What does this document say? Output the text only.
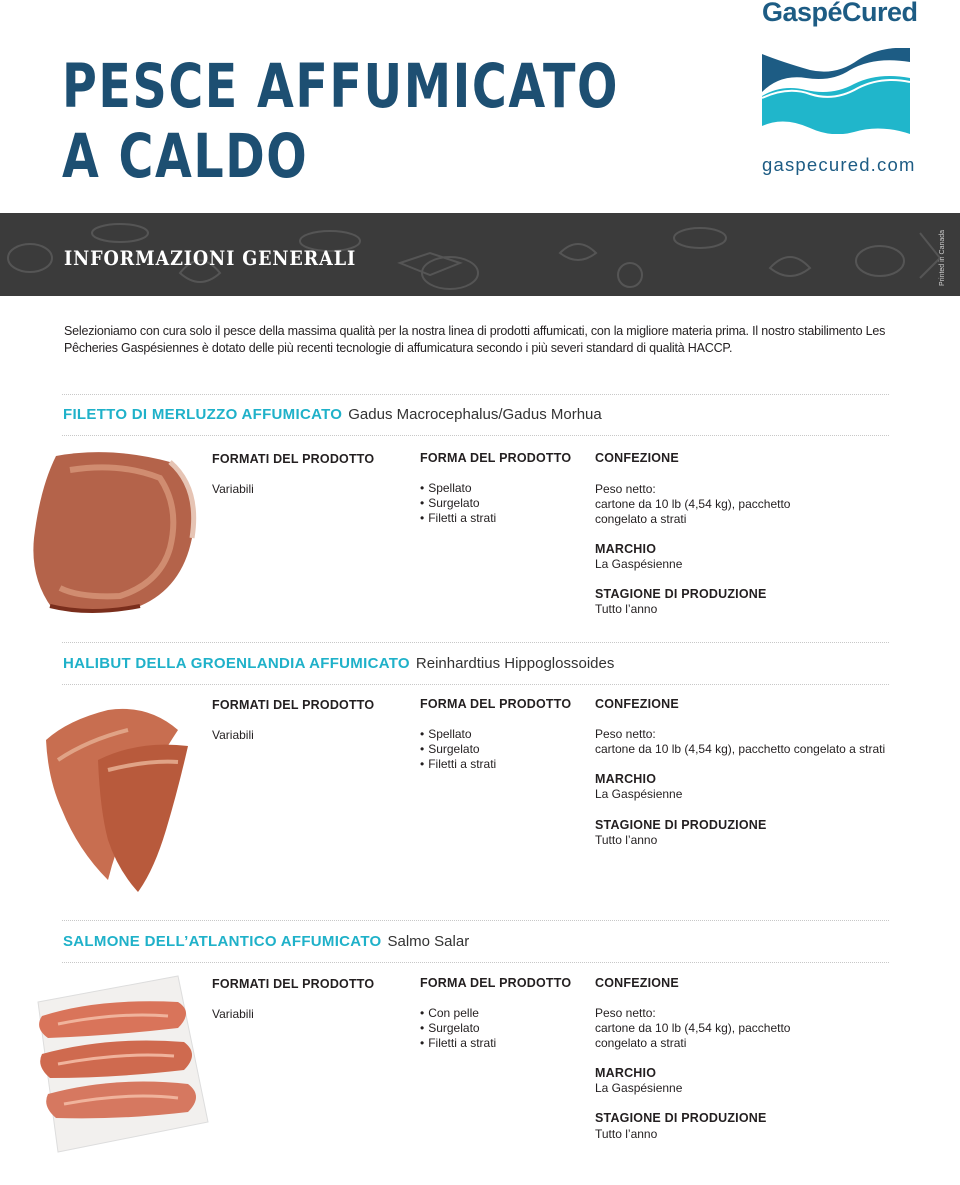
PESCE AFFUMICATO
A CALDO
GaspéCured
gaspecured.com
INFORMAZIONI GENERALI	Printed in Canada

Selezioniamo con cura solo il pesce della massima qualità per la nostra linea di prodotti affumicati, con la migliore materia prima. Il nostro stabilimento Les Pêcheries Gaspésiennes è dotato delle più recenti tecnologie di affumicatura secondo i più severi standard di qualità HACCP.

FILETTO DI MERLUZZO AFFUMICATO Gadus Macrocephalus/Gadus Morhua
FORMATI DEL PRODOTTO
Variabili
FORMA DEL PRODOTTO
• Spellato
• Surgelato
• Filetti a strati
CONFEZIONE
Peso netto:
cartone da 10 lb (4,54 kg), pacchetto
congelato a strati
MARCHIO
La Gaspésienne
STAGIONE DI PRODUZIONE
Tutto l’anno
HALIBUT DELLA GROENLANDIA AFFUMICATO Reinhardtius Hippoglossoides
FORMATI DEL PRODOTTO
Variabili
FORMA DEL PRODOTTO
• Spellato
• Surgelato
• Filetti a strati
CONFEZIONE
Peso netto:
cartone da 10 lb (4,54 kg), pacchetto congelato a strati
MARCHIO
La Gaspésienne
STAGIONE DI PRODUZIONE
Tutto l’anno
SALMONE DELL’ATLANTICO AFFUMICATO Salmo Salar
FORMATI DEL PRODOTTO
Variabili
FORMA DEL PRODOTTO
• Con pelle
• Surgelato
• Filetti a strati
CONFEZIONE
Peso netto:
cartone da 10 lb (4,54 kg), pacchetto
congelato a strati
MARCHIO
La Gaspésienne
STAGIONE DI PRODUZIONE
Tutto l’anno
